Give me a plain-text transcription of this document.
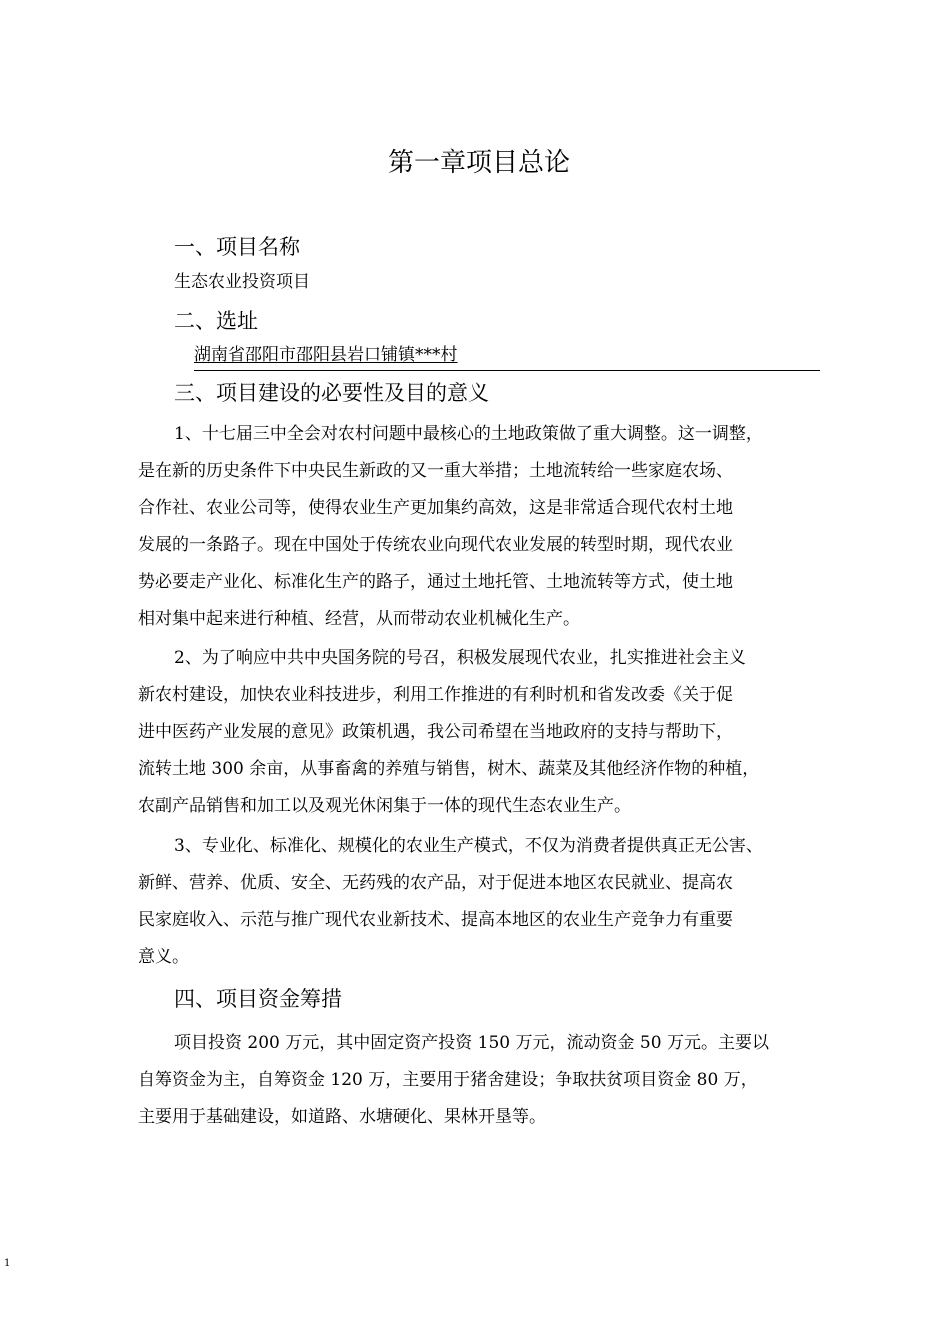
第一章项目总论
一、项目名称
生态农业投资项目
二、选址
湖南省邵阳市邵阳县岩口铺镇***村
三、项目建设的必要性及目的意义
1、十七届三中全会对农村问题中最核心的土地政策做了重大调整。这一调整，
是在新的历史条件下中央民生新政的又一重大举措；土地流转给一些家庭农场、
合作社、农业公司等，使得农业生产更加集约高效，这是非常适合现代农村土地
发展的一条路子。现在中国处于传统农业向现代农业发展的转型时期，现代农业
势必要走产业化、标准化生产的路子，通过土地托管、土地流转等方式，使土地
相对集中起来进行种植、经营，从而带动农业机械化生产。
2、为了响应中共中央国务院的号召，积极发展现代农业，扎实推进社会主义
新农村建设，加快农业科技进步，利用工作推进的有利时机和省发改委《关于促
进中医药产业发展的意见》政策机遇，我公司希望在当地政府的支持与帮助下，
流转土地 300 余亩，从事畜禽的养殖与销售，树木、蔬菜及其他经济作物的种植，
农副产品销售和加工以及观光休闲集于一体的现代生态农业生产。
3、专业化、标准化、规模化的农业生产模式，不仅为消费者提供真正无公害、
新鲜、营养、优质、安全、无药残的农产品，对于促进本地区农民就业、提高农
民家庭收入、示范与推广现代农业新技术、提高本地区的农业生产竞争力有重要
意义。
四、项目资金筹措
项目投资 200 万元，其中固定资产投资 150 万元，流动资金 50 万元。主要以
自筹资金为主，自筹资金 120 万，主要用于猪舍建设；争取扶贫项目资金 80 万，
主要用于基础建设，如道路、水塘硬化、果林开垦等。
1
